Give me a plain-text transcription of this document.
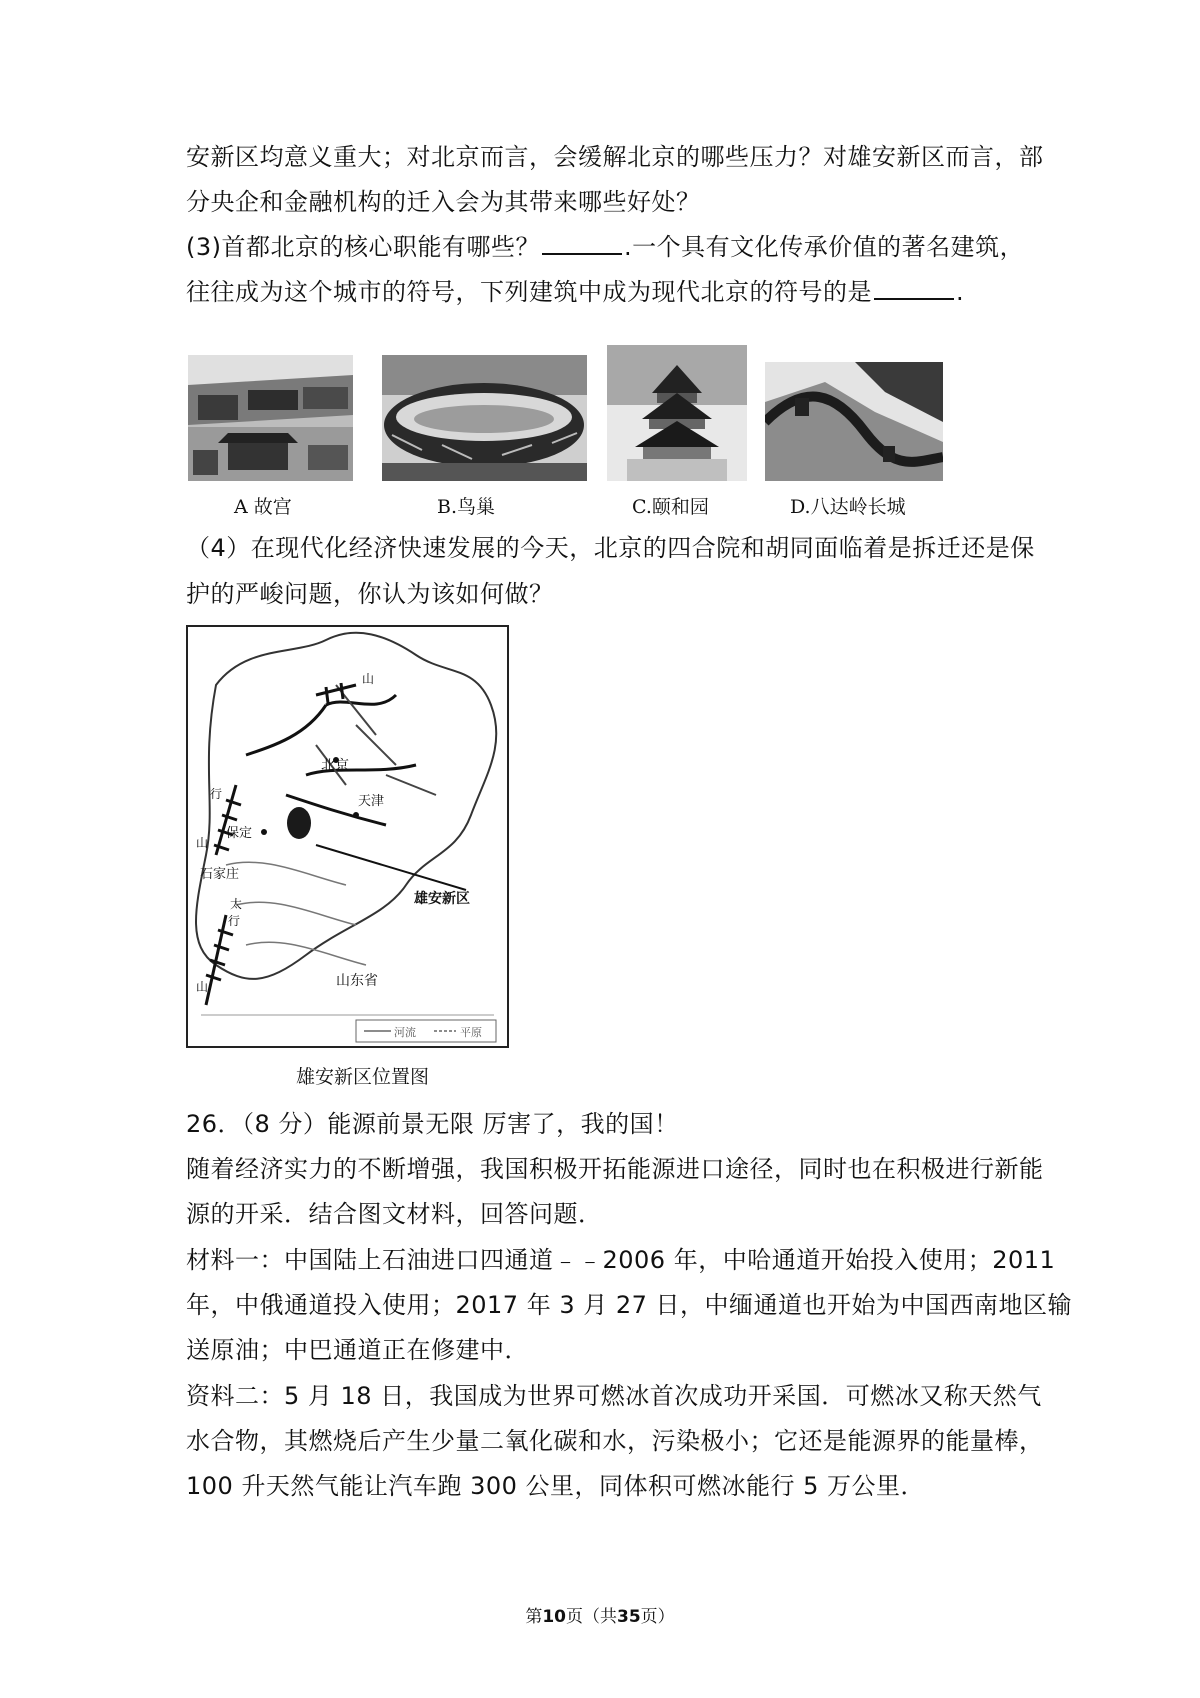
安新区均意义重大；对北京而言，会缓解北京的哪些压力？对雄安新区而言，部
分央企和金融机构的迁入会为其带来哪些好处？
(3)首都北京的核心职能有哪些？	.一个具有文化传承价值的著名建筑，
往往成为这个城市的符号，下列建筑中成为现代北京的符号的是	.
A 故宫	B.鸟巢	C.颐和园	D.八达岭长城
（4）在现代化经济快速发展的今天，北京的四合院和胡同面临着是拆迁还是保
护的严峻问题，你认为该如何做？
北京
天津
保定
石家庄
雄安新区
山东省
山
行
山
太
行
山
河流	平原
雄安新区位置图
26．（8 分）能源前景无限 厉害了，我的国！
随着经济实力的不断增强，我国积极开拓能源进口途径，同时也在积极进行新能
源的开采．结合图文材料，回答问题．
材料一：中国陆上石油进口四通道﹣﹣2006 年，中哈通道开始投入使用；2011
年，中俄通道投入使用；2017 年 3 月 27 日，中缅通道也开始为中国西南地区输
送原油；中巴通道正在修建中．
资料二：5 月 18 日，我国成为世界可燃冰首次成功开采国．可燃冰又称天然气
水合物，其燃烧后产生少量二氧化碳和水，污染极小；它还是能源界的能量棒，
100 升天然气能让汽车跑 300 公里，同体积可燃冰能行 5 万公里．
第10页（共35页）
